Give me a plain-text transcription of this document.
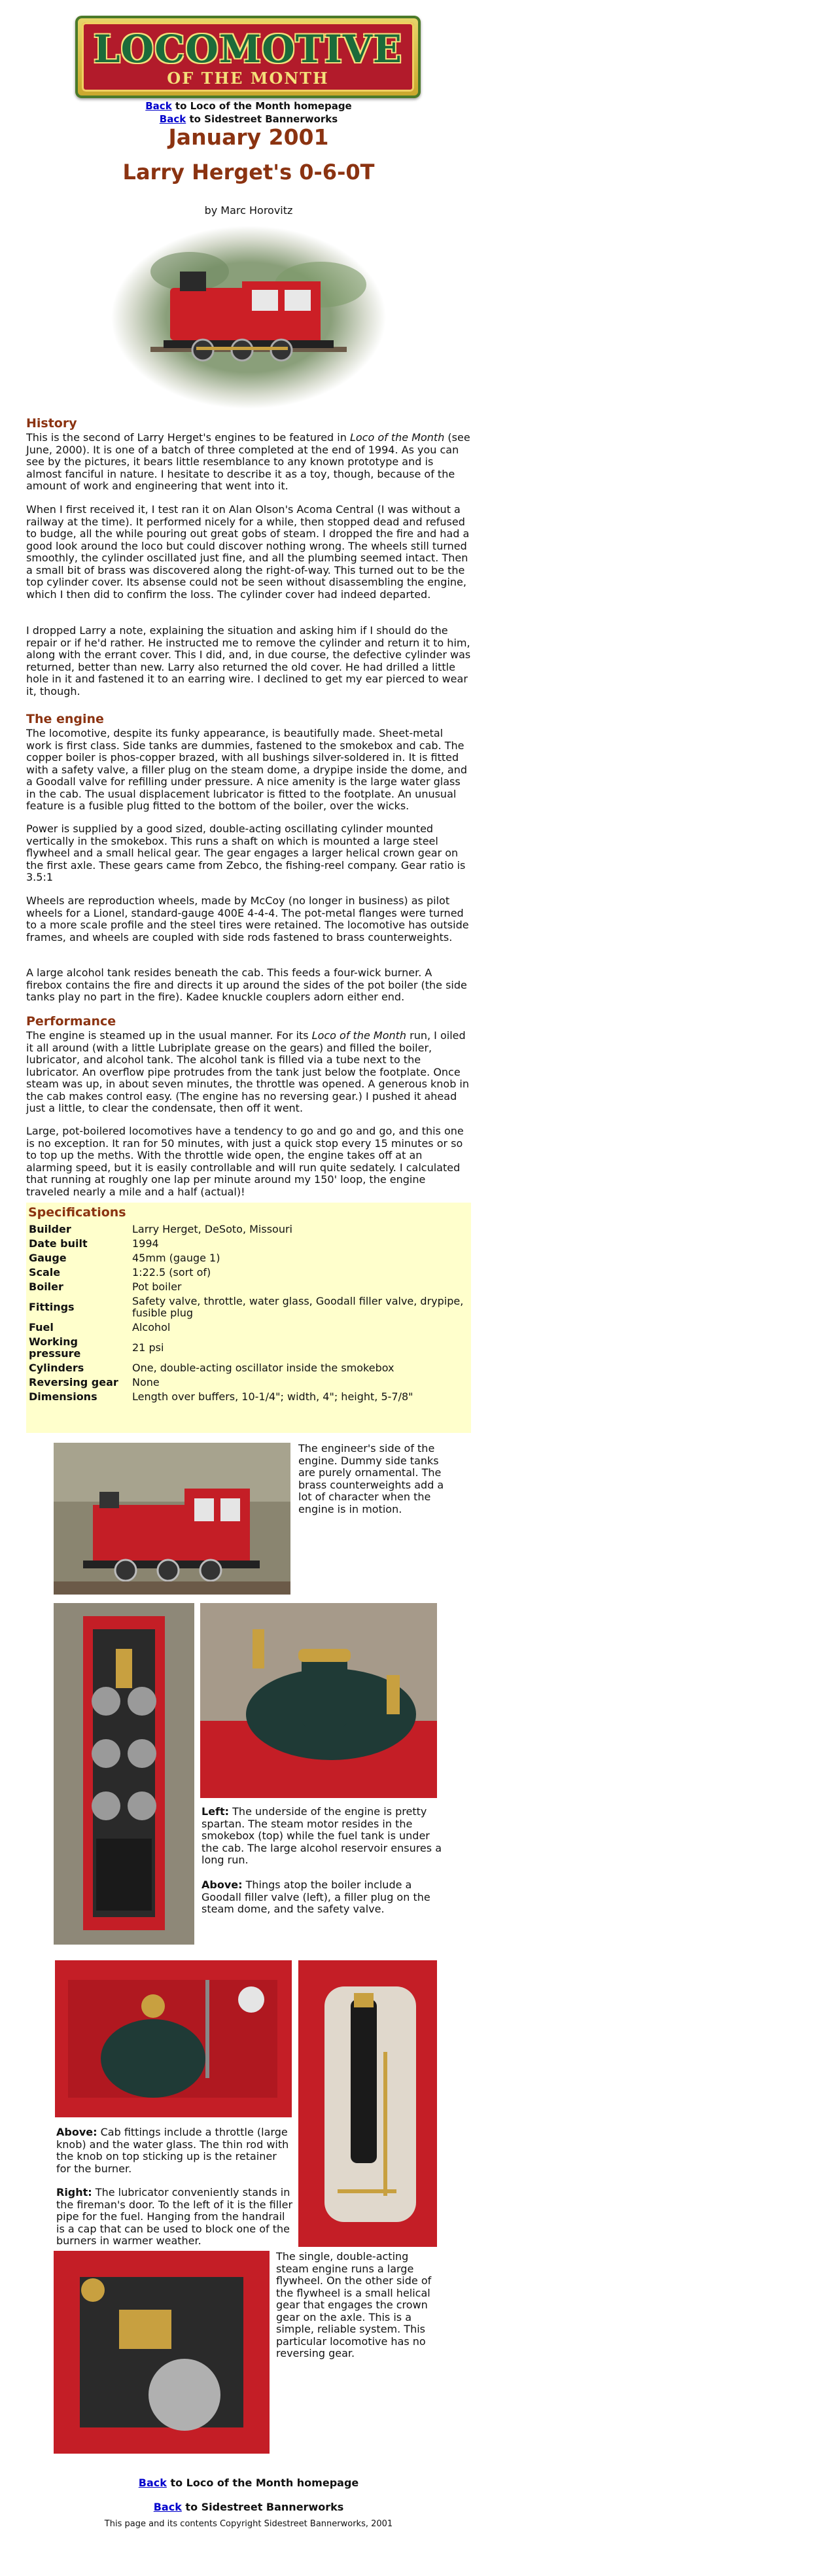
LOCOMOTIVE
OF THE MONTH
Back to Loco of the Month homepage
Back to Sidestreet Bannerworks
January 2001
Larry Herget's 0-6-0T
by Marc Horovitz
History

This is the second of Larry Herget's engines to be featured in Loco of the Month (see June, 2000). It is one of a batch of three completed at the end of 1994. As you can see by the pictures, it bears little resemblance to any known prototype and is almost fanciful in nature. I hesitate to describe it as a toy, though, because of the amount of work and engineering that went into it.

When I first received it, I test ran it on Alan Olson's Acoma Central (I was without a railway at the time). It performed nicely for a while, then stopped dead and refused to budge, all the while pouring out great gobs of steam. I dropped the fire and had a good look around the loco but could discover nothing wrong. The wheels still turned smoothly, the cylinder oscillated just fine, and all the plumbing seemed intact. Then a small bit of brass was discovered along the right-of-way. This turned out to be the top cylinder cover. Its absense could not be seen without disassembling the engine, which I then did to confirm the loss. The cylinder cover had indeed departed.

I dropped Larry a note, explaining the situation and asking him if I should do the repair or if he'd rather. He instructed me to remove the cylinder and return it to him, along with the errant cover. This I did, and, in due course, the defective cylinder was returned, better than new. Larry also returned the old cover. He had drilled a little hole in it and fastened it to an earring wire. I declined to get my ear pierced to wear it, though.

The engine

The locomotive, despite its funky appearance, is beautifully made. Sheet-metal work is first class. Side tanks are dummies, fastened to the smokebox and cab. The copper boiler is phos-copper brazed, with all bushings silver-soldered in. It is fitted with a safety valve, a filler plug on the steam dome, a drypipe inside the dome, and a Goodall valve for refilling under pressure. A nice amenity is the large water glass in the cab. The usual displacement lubricator is fitted to the footplate. An unusual feature is a fusible plug fitted to the bottom of the boiler, over the wicks.

Power is supplied by a good sized, double-acting oscillating cylinder mounted vertically in the smokebox. This runs a shaft on which is mounted a large steel flywheel and a small helical gear. The gear engages a larger helical crown gear on the first axle. These gears came from Zebco, the fishing-reel company. Gear ratio is 3.5:1

Wheels are reproduction wheels, made by McCoy (no longer in business) as pilot wheels for a Lionel, standard-gauge 400E 4-4-4. The pot-metal flanges were turned to a more scale profile and the steel tires were retained. The locomotive has outside frames, and wheels are coupled with side rods fastened to brass counterweights.

A large alcohol tank resides beneath the cab. This feeds a four-wick burner. A firebox contains the fire and directs it up around the sides of the pot boiler (the side tanks play no part in the fire). Kadee knuckle couplers adorn either end.

Performance

The engine is steamed up in the usual manner. For its Loco of the Month run, I oiled it all around (with a little Lubriplate grease on the gears) and filled the boiler, lubricator, and alcohol tank. The alcohol tank is filled via a tube next to the lubricator. An overflow pipe protrudes from the tank just below the footplate. Once steam was up, in about seven minutes, the throttle was opened. A generous knob in the cab makes control easy. (The engine has no reversing gear.) I pushed it ahead just a little, to clear the condensate, then off it went.

Large, pot-boilered locomotives have a tendency to go and go and go, and this one is no exception. It ran for 50 minutes, with just a quick stop every 15 minutes or so to top up the meths. With the throttle wide open, the engine takes off at an alarming speed, but it is easily controllable and will run quite sedately. I calculated that running at roughly one lap per minute around my 150' loop, the engine traveled nearly a mile and a half (actual)!

Specifications
Builder	Larry Herget, DeSoto, Missouri
Date built	1994
Gauge	45mm (gauge 1)
Scale	1:22.5 (sort of)
Boiler	Pot boiler
Fittings	Safety valve, throttle, water glass, Goodall filler valve, drypipe, fusible plug
Fuel	Alcohol
Working pressure	21 psi
Cylinders	One, double-acting oscillator inside the smokebox
Reversing gear	None
Dimensions	Length over buffers, 10-1/4"; width, 4"; height, 5-7/8"

The engineer's side of the engine. Dummy side tanks are purely ornamental. The brass counterweights add a lot of character when the engine is in motion.

Left: The underside of the engine is pretty spartan. The steam motor resides in the smokebox (top) while the fuel tank is under the cab. The large alcohol reservoir ensures a long run.

Above: Things atop the boiler include a Goodall filler valve (left), a filler plug on the steam dome, and the safety valve.

Above: Cab fittings include a throttle (large knob) and the water glass. The thin rod with the knob on top sticking up is the retainer for the burner.

Right: The lubricator conveniently stands in the fireman's door. To the left of it is the filler pipe for the fuel. Hanging from the handrail is a cap that can be used to block one of the burners in warmer weather.

The single, double-acting steam engine runs a large flywheel. On the other side of the flywheel is a small helical gear that engages the crown gear on the axle. This is a simple, reliable system. This particular locomotive has no reversing gear.

Back to Loco of the Month homepage
Back to Sidestreet Bannerworks
This page and its contents Copyright Sidestreet Bannerworks, 2001
